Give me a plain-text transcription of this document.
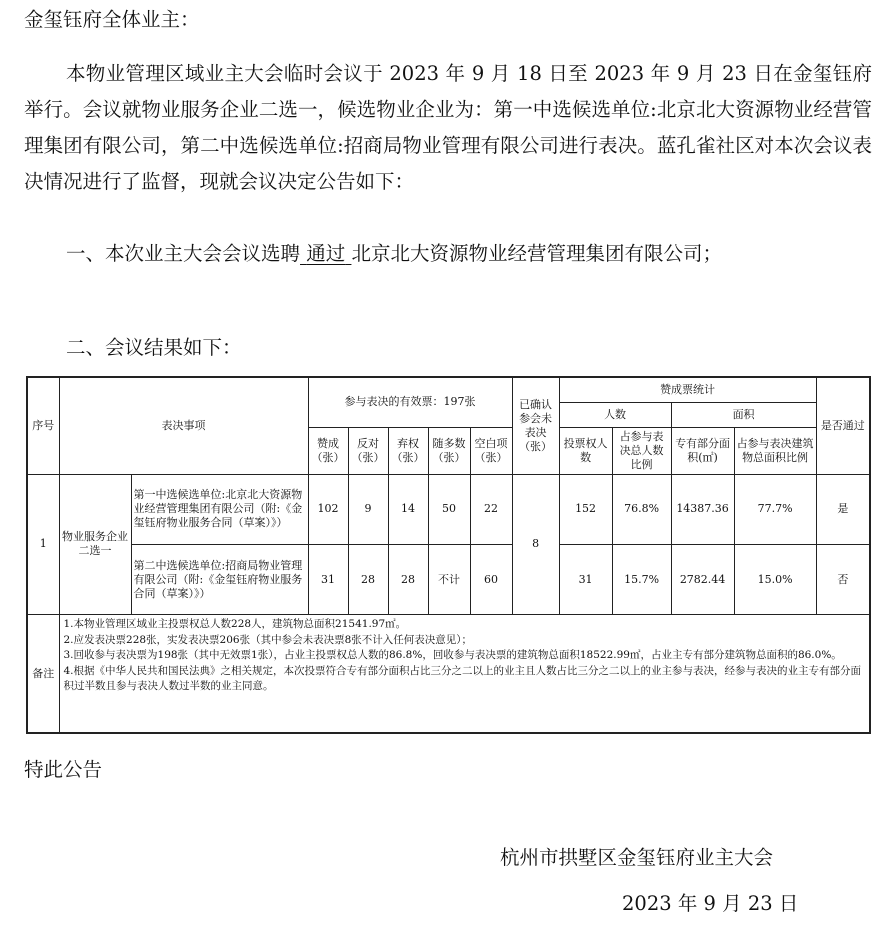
金玺钰府全体业主：

本物业管理区域业主大会临时会议于 2023 年 9 月 18 日至 2023 年 9 月 23 日在金玺钰府举行。会议就物业服务企业二选一，候选物业企业为：第一中选候选单位:北京北大资源物业经营管理集团有限公司，第二中选候选单位:招商局物业管理有限公司进行表决。蓝孔雀社区对本次会议表决情况进行了监督，现就会议决定公告如下：

一、本次业主大会会议选聘 通过 北京北大资源物业经营管理集团有限公司；

二、会议结果如下：

序号	表决事项		参与表决的有效票：197张					已确认参会未表决（张）	赞成票统计				是否通过
									人数		面积		
			赞成（张）	反对（张）	弃权（张）	随多数（张）	空白项（张）		投票权人数	占参与表决总人数比例	专有部分面积(㎡)	占参与表决建筑物总面积比例	
1	物业服务企业二选一	第一中选候选单位:北京北大资源物业经营管理集团有限公司（附:《金玺钰府物业服务合同（草案）》）	102	9	14	50	22	8	152	76.8%	14387.36	77.7%	是
		第二中选候选单位:招商局物业管理有限公司（附:《金玺钰府物业服务合同（草案）》）	31	28	28	不计	60		31	15.7%	2782.44	15.0%	否
备注	1.本物业管理区域业主投票权总人数228人，建筑物总面积21541.97㎡。
2.应发表决票228张，实发表决票206张（其中参会未表决票8张不计入任何表决意见）；
3.回收参与表决票为198张（其中无效票1张），占业主投票权总人数的86.8%，回收参与表决票的建筑物总面积18522.99㎡，占业主专有部分建筑物总面积的86.0%。
4.根据《中华人民共和国民法典》之相关规定，本次投票符合专有部分面积占比三分之二以上的业主且人数占比三分之二以上的业主参与表决，经参与表决的业主专有部分面积过半数且参与表决人数过半数的业主同意。												

特此公告

杭州市拱墅区金玺钰府业主大会
2023 年 9 月 23 日
